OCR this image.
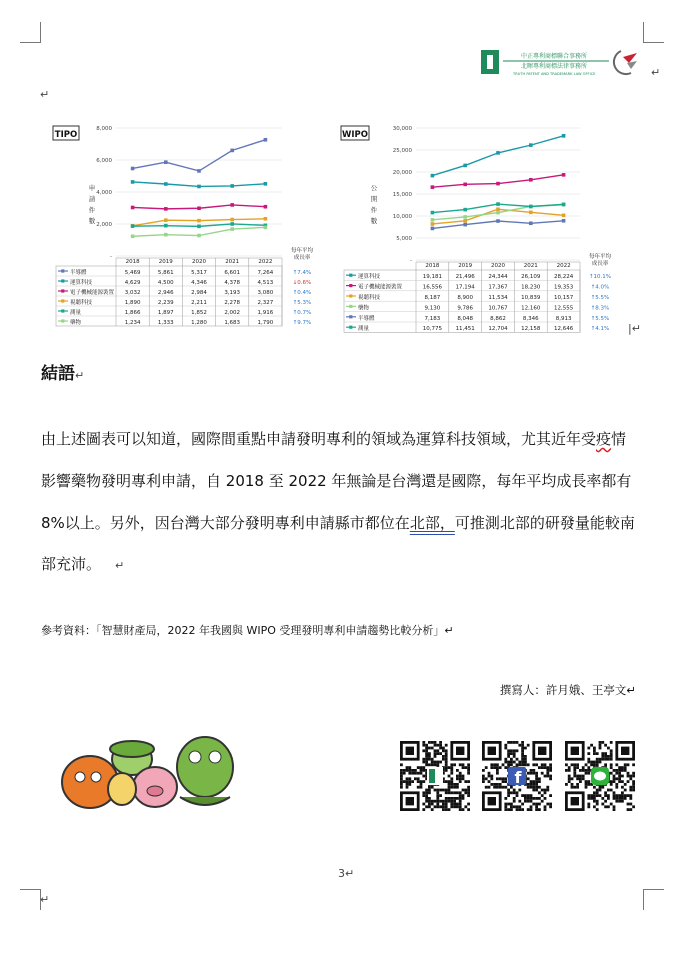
中正專利商標聯合事務所
北暉專利商標法律事務所
TRUTH PATENT AND TRADEMARK LAW OFFICE	↵
↵
TIPO
申
請
件
數
8,000
6,000
4,000
2,000
-
2018	2019	2020	2021	2022
每年平均
成長率
半導體	5,469	5,861	5,317	6,601	7,264	↑7.4%
運算科技	4,629	4,500	4,346	4,378	4,513	↓0.6%
電子機械能源裝置 3,032	2,946	2,984	3,193	3,080	↑0.4%
視聽科技	1,890	2,239	2,211	2,278	2,327	↑5.3%
測量	1,866	1,897	1,852	2,002	1,916	↑0.7%
藥物	1,234	1,333	1,280	1,683	1,790	↑9.7%
WIPO
公
開
件
數
30,000
25,000
20,000
15,000
10,000
5,000
-
2018	2019	2020	2021	2022
每年平均
成長率
運算科技	19,181 21,496 24,344 26,109 28,224	↑10.1%
電子機械能源裝置	16,556 17,194 17,367 18,230 19,353	↑4.0%
視聽科技	8,187	8,900	11,534 10,839 10,157	↑5.5%
藥物	9,130	9,786	10,767 12,160 12,555	↑8.3%
半導體	7,183	8,048	8,862	8,346	8,913	↑5.5%
測量	10,775 11,451 12,704 12,158 12,646	↑4.1% |↵
結語↵
由上述圖表可以知道，國際間重點申請發明專利的領域為運算科技領域，尤其近年受疫情
影響藥物發明專利申請，自 2018 至 2022 年無論是台灣還是國際，每年平均成長率都有
8%以上。另外，因台灣大部分發明專利申請縣市都位在北部，可推測北部的研發量能較南
部充沛。 ↵
參考資料：「智慧財產局，2022 年我國與 WIPO 受理發明專利申請趨勢比較分析」↵
撰寫人：許月娥、王亭文↵
f
3↵
↵
